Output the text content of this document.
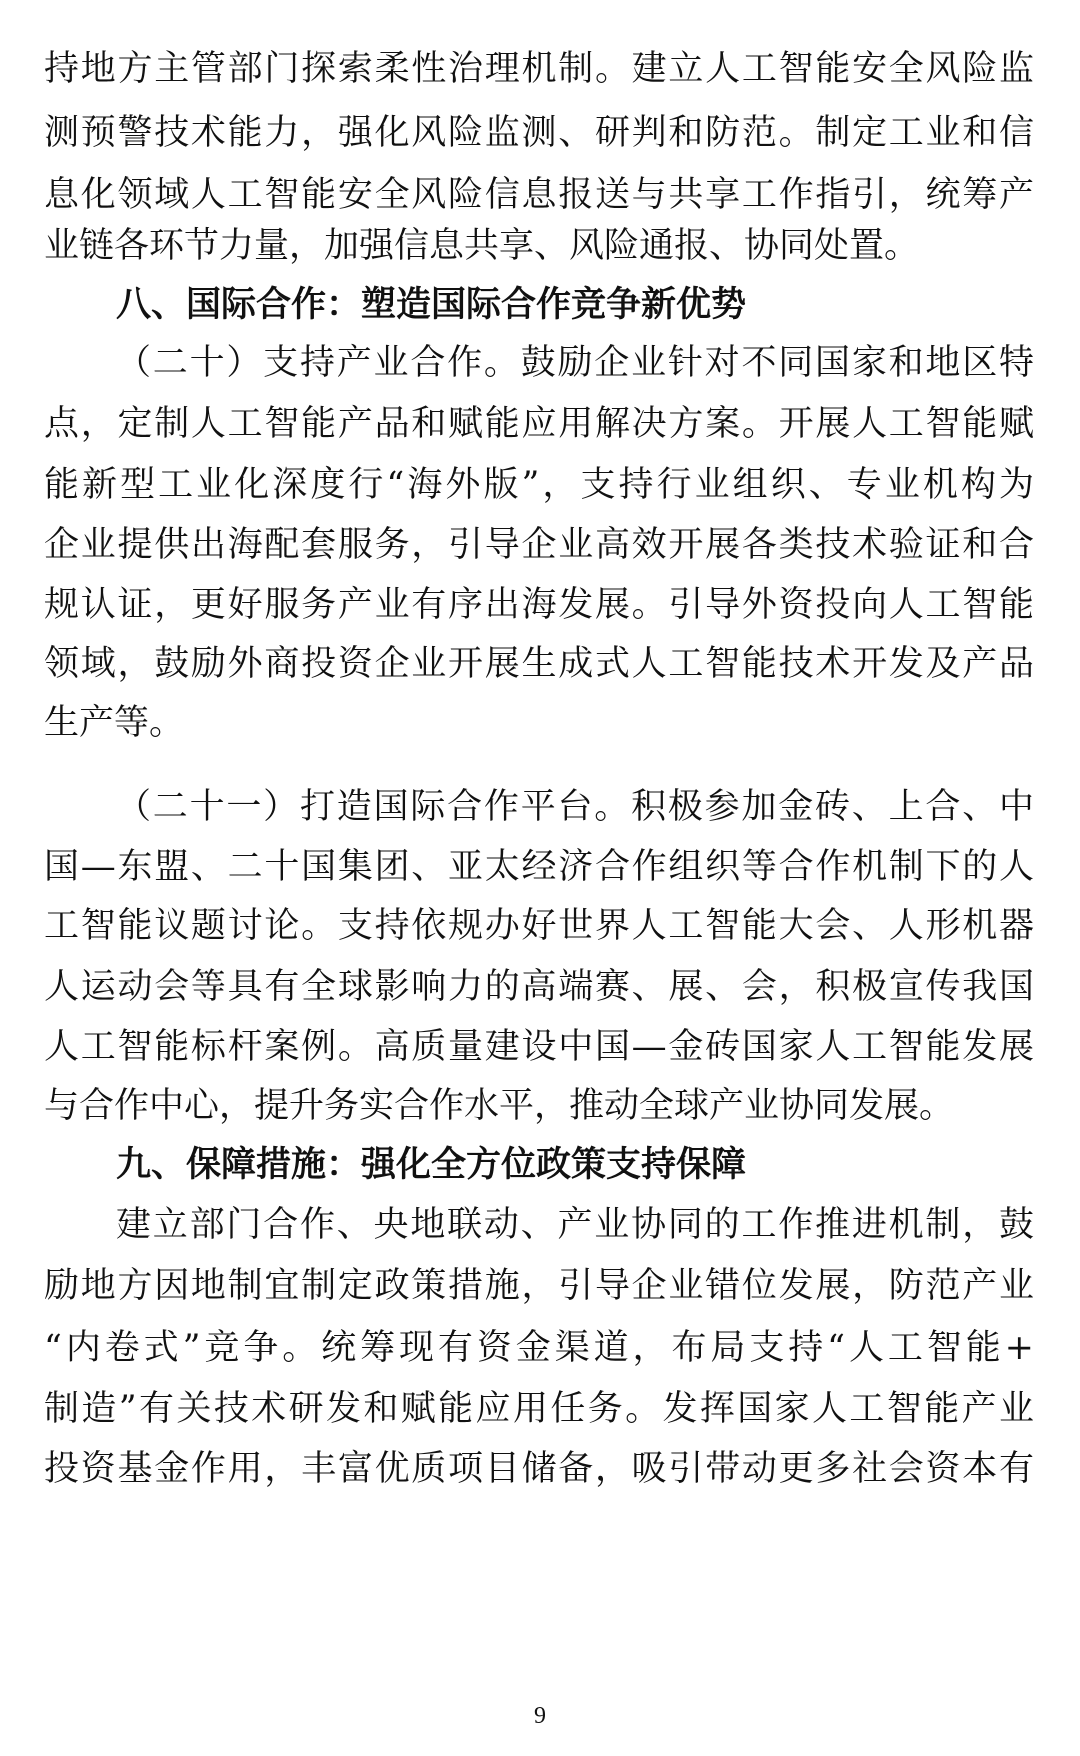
持地方主管部门探索柔性治理机制。建立人工智能安全风险监
测预警技术能力，强化风险监测、研判和防范。制定工业和信
息化领域人工智能安全风险信息报送与共享工作指引，统筹产
业链各环节力量，加强信息共享、风险通报、协同处置。
八、国际合作：塑造国际合作竞争新优势
（二十）支持产业合作。鼓励企业针对不同国家和地区特
点，定制人工智能产品和赋能应用解决方案。开展人工智能赋
能新型工业化深度行“海外版”，支持行业组织、专业机构为
企业提供出海配套服务，引导企业高效开展各类技术验证和合
规认证，更好服务产业有序出海发展。引导外资投向人工智能
领域，鼓励外商投资企业开展生成式人工智能技术开发及产品
生产等。
（二十一）打造国际合作平台。积极参加金砖、上合、中
国—东盟、二十国集团、亚太经济合作组织等合作机制下的人
工智能议题讨论。支持依规办好世界人工智能大会、人形机器
人运动会等具有全球影响力的高端赛、展、会，积极宣传我国
人工智能标杆案例。高质量建设中国—金砖国家人工智能发展
与合作中心，提升务实合作水平，推动全球产业协同发展。
九、保障措施：强化全方位政策支持保障
建立部门合作、央地联动、产业协同的工作推进机制，鼓
励地方因地制宜制定政策措施，引导企业错位发展，防范产业
“内卷式”竞争。统筹现有资金渠道，布局支持“人工智能+
制造”有关技术研发和赋能应用任务。发挥国家人工智能产业
投资基金作用，丰富优质项目储备，吸引带动更多社会资本有
9
